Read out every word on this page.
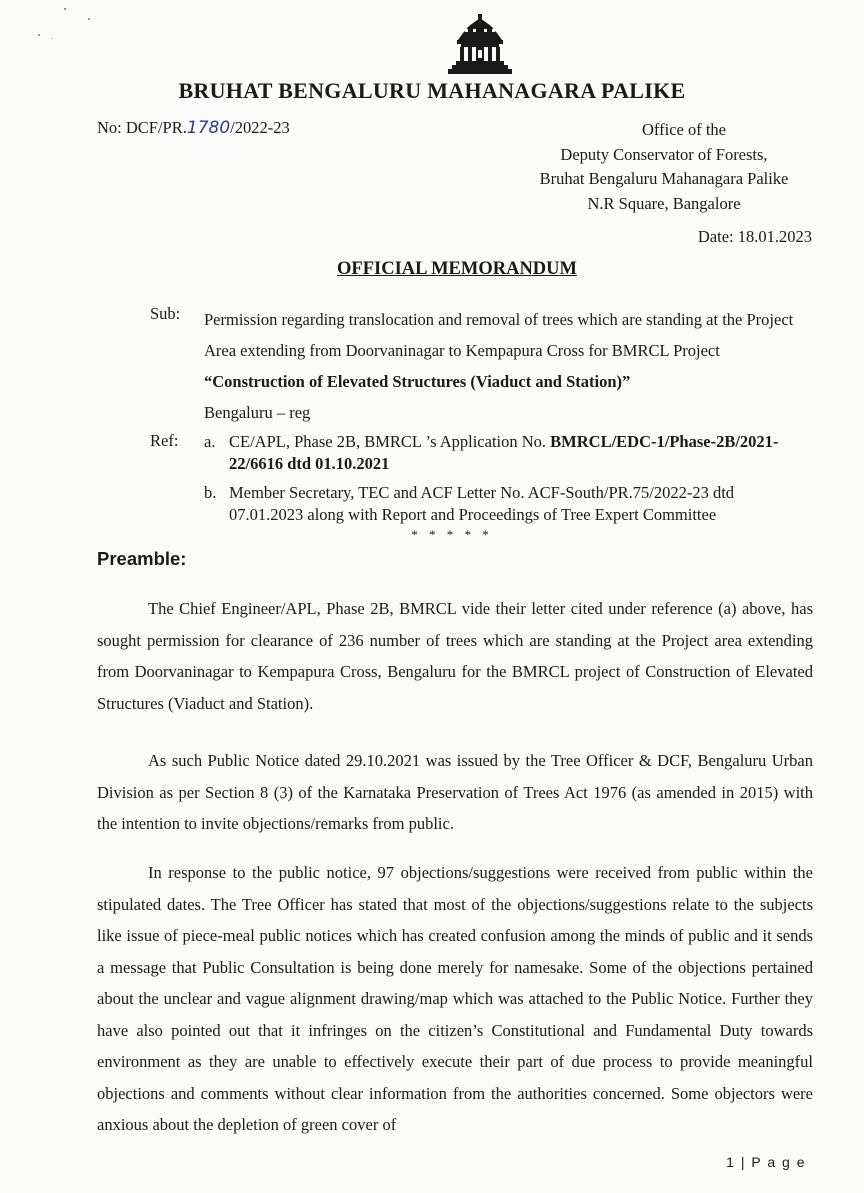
BRUHAT BENGALURU MAHANAGARA PALIKE
No: DCF/PR.1780/2022-23	Office of the
Deputy Conservator of Forests,
Bruhat Bengaluru Mahanagara Palike
N.R Square, Bangalore
Date: 18.01.2023
OFFICIAL MEMORANDUM
Sub: Permission regarding translocation and removal of trees which are standing at the Project Area extending from Doorvaninagar to Kempapura Cross for BMRCL Project “Construction of Elevated Structures (Viaduct and Station)”
Bengaluru – reg
Ref: a. CE/APL, Phase 2B, BMRCL ’s Application No. BMRCL/EDC-1/Phase-2B/2021-22/6616 dtd 01.10.2021
b. Member Secretary, TEC and ACF Letter No. ACF-South/PR.75/2022-23 dtd 07.01.2023 along with Report and Proceedings of Tree Expert Committee
* * * * *
Preamble:

The Chief Engineer/APL, Phase 2B, BMRCL vide their letter cited under reference (a) above, has sought permission for clearance of 236 number of trees which are standing at the Project area extending from Doorvaninagar to Kempapura Cross, Bengaluru for the BMRCL project of Construction of Elevated Structures (Viaduct and Station).

As such Public Notice dated 29.10.2021 was issued by the Tree Officer & DCF, Bengaluru Urban Division as per Section 8 (3) of the Karnataka Preservation of Trees Act 1976 (as amended in 2015) with the intention to invite objections/remarks from public.

In response to the public notice, 97 objections/suggestions were received from public within the stipulated dates. The Tree Officer has stated that most of the objections/suggestions relate to the subjects like issue of piece-meal public notices which has created confusion among the minds of public and it sends a message that Public Consultation is being done merely for namesake. Some of the objections pertained about the unclear and vague alignment drawing/map which was attached to the Public Notice. Further they have also pointed out that it infringes on the citizen’s Constitutional and Fundamental Duty towards environment as they are unable to effectively execute their part of due process to provide meaningful objections and comments without clear information from the authorities concerned. Some objectors were anxious about the depletion of green cover of

1 | P a g e
